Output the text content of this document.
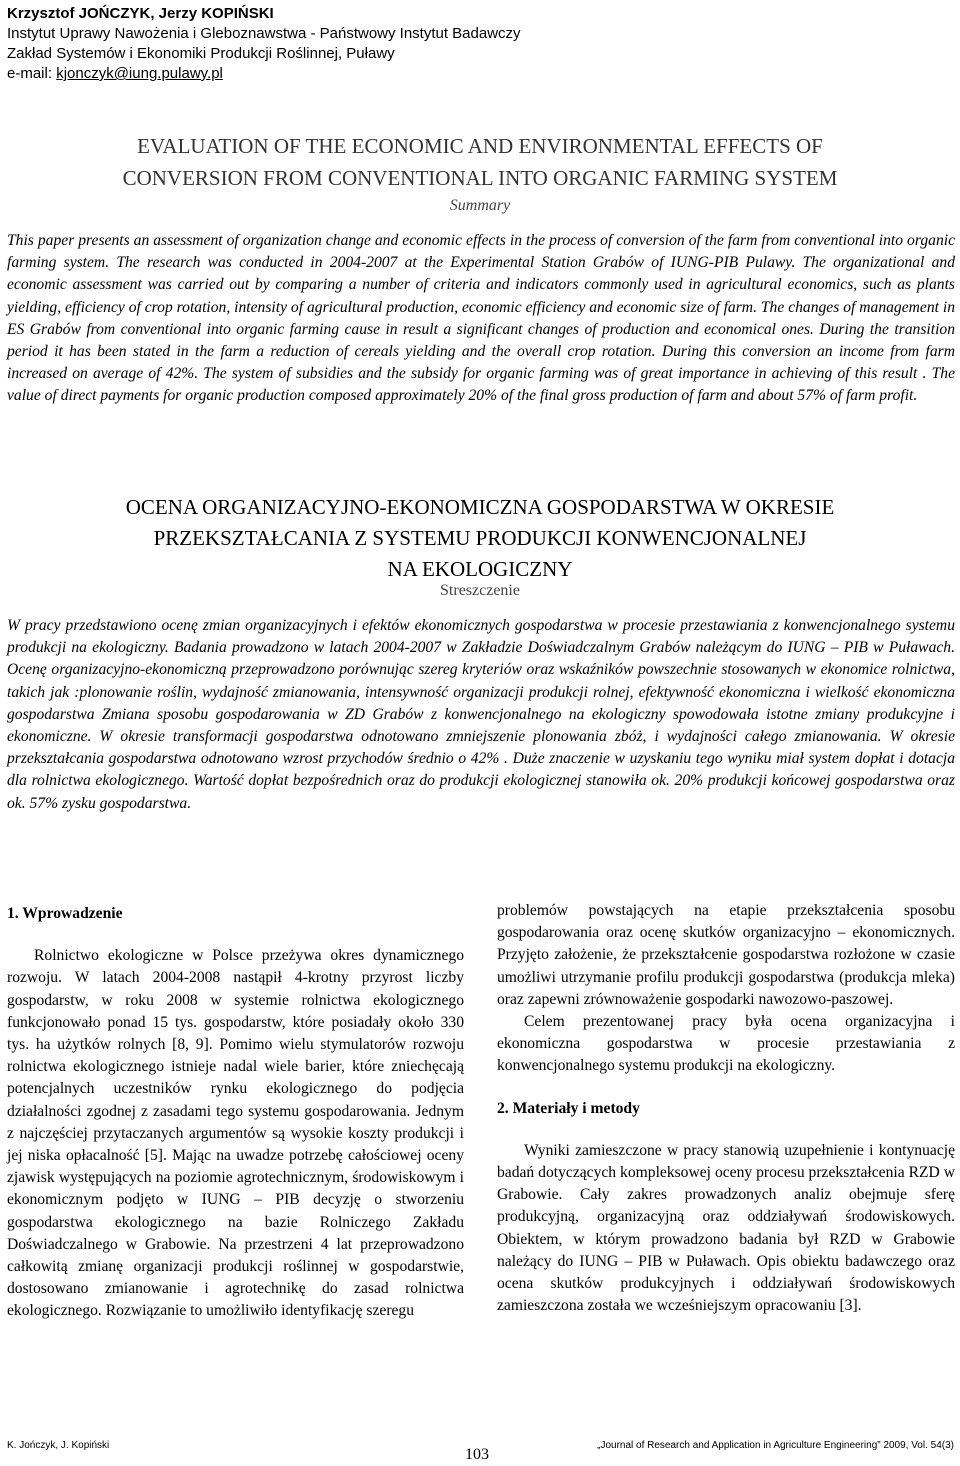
Krzysztof JOŃCZYK, Jerzy KOPIŃSKI
Instytut Uprawy Nawożenia i Gleboznawstwa - Państwowy Instytut Badawczy
Zakład Systemów i Ekonomiki Produkcji Roślinnej, Puławy
e-mail: kjonczyk@iung.pulawy.pl
EVALUATION OF THE ECONOMIC AND ENVIRONMENTAL EFFECTS OF
CONVERSION FROM CONVENTIONAL INTO ORGANIC FARMING SYSTEM
Summary
This paper presents an assessment of organization change and economic effects in the process of conversion of the farm from conventional into organic farming system. The research was conducted in 2004-2007 at the Experimental Station Grabów of IUNG-PIB Pulawy. The organizational and economic assessment was carried out by comparing a number of criteria and indicators commonly used in agricultural economics, such as plants yielding, efficiency of crop rotation, intensity of agricultural production, economic efficiency and economic size of farm. The changes of management in ES Grabów from conventional into organic farming cause in result a significant changes of production and economical ones. During the transition period it has been stated in the farm a reduction of cereals yielding and the overall crop rotation. During this conversion an income from farm increased on average of 42%. The system of subsidies and the subsidy for organic farming was of great importance in achieving of this result . The value of direct payments for organic production composed approximately 20% of the final gross production of farm and about 57% of farm profit.
OCENA ORGANIZACYJNO-EKONOMICZNA GOSPODARSTWA W OKRESIE
PRZEKSZTAŁCANIA Z SYSTEMU PRODUKCJI KONWENCJONALNEJ
NA EKOLOGICZNY
Streszczenie
W pracy przedstawiono ocenę zmian organizacyjnych i efektów ekonomicznych gospodarstwa w procesie przestawiania z konwencjonalnego systemu produkcji na ekologiczny. Badania prowadzono w latach 2004-2007 w Zakładzie Doświadczalnym Grabów należącym do IUNG – PIB w Puławach. Ocenę organizacyjno-ekonomiczną przeprowadzono porównując szereg kryteriów oraz wskaźników powszechnie stosowanych w ekonomice rolnictwa, takich jak :plonowanie roślin, wydajność zmianowania, intensywność organizacji produkcji rolnej, efektywność ekonomiczna i wielkość ekonomiczna gospodarstwa Zmiana sposobu gospodarowania w ZD Grabów z konwencjonalnego na ekologiczny spowodowała istotne zmiany produkcyjne i ekonomiczne. W okresie transformacji gospodarstwa odnotowano zmniejszenie plonowania zbóż, i wydajności całego zmianowania. W okresie przekształcania gospodarstwa odnotowano wzrost przychodów średnio o 42% . Duże znaczenie w uzyskaniu tego wyniku miał system dopłat i dotacja dla rolnictwa ekologicznego. Wartość dopłat bezpośrednich oraz do produkcji ekologicznej stanowiła ok. 20% produkcji końcowej gospodarstwa oraz ok. 57% zysku gospodarstwa.
1. Wprowadzenie

Rolnictwo ekologiczne w Polsce przeżywa okres dynamicznego rozwoju. W latach 2004-2008 nastąpił 4-krotny przyrost liczby gospodarstw, w roku 2008 w systemie rolnictwa ekologicznego funkcjonowało ponad 15 tys. gospodarstw, które posiadały około 330 tys. ha użytków rolnych [8, 9]. Pomimo wielu stymulatorów rozwoju rolnictwa ekologicznego istnieje nadal wiele barier, które zniechęcają potencjalnych uczestników rynku ekologicznego do podjęcia działalności zgodnej z zasadami tego systemu gospodarowania. Jednym z najczęściej przytaczanych argumentów są wysokie koszty produkcji i jej niska opłacalność [5]. Mając na uwadze potrzebę całościowej oceny zjawisk występujących na poziomie agrotechnicznym, środowiskowym i ekonomicznym podjęto w IUNG – PIB decyzję o stworzeniu gospodarstwa ekologicznego na bazie Rolniczego Zakładu Doświadczalnego w Grabowie. Na przestrzeni 4 lat przeprowadzono całkowitą zmianę organizacji produkcji roślinnej w gospodarstwie, dostosowano zmianowanie i agrotechnikę do zasad rolnictwa ekologicznego. Rozwiązanie to umożliwiło identyfikację szeregu

problemów powstających na etapie przekształcenia sposobu gospodarowania oraz ocenę skutków organizacyjno – ekonomicznych. Przyjęto założenie, że przekształcenie gospodarstwa rozłożone w czasie umożliwi utrzymanie profilu produkcji gospodarstwa (produkcja mleka) oraz zapewni zrównoważenie gospodarki nawozowo-paszowej.

Celem prezentowanej pracy była ocena organizacyjna i ekonomiczna gospodarstwa w procesie przestawiania z konwencjonalnego systemu produkcji na ekologiczny.

2. Materiały i metody

Wyniki zamieszczone w pracy stanowią uzupełnienie i kontynuację badań dotyczących kompleksowej oceny procesu przekształcenia RZD w Grabowie. Cały zakres prowadzonych analiz obejmuje sferę produkcyjną, organizacyjną oraz oddziaływań środowiskowych. Obiektem, w którym prowadzono badania był RZD w Grabowie należący do IUNG – PIB w Puławach. Opis obiektu badawczego oraz ocena skutków produkcyjnych i oddziaływań środowiskowych zamieszczona została we wcześniejszym opracowaniu [3].

K. Jończyk, J. Kopiński
103
„Journal of Research and Application in Agriculture Engineering” 2009, Vol. 54(3)
